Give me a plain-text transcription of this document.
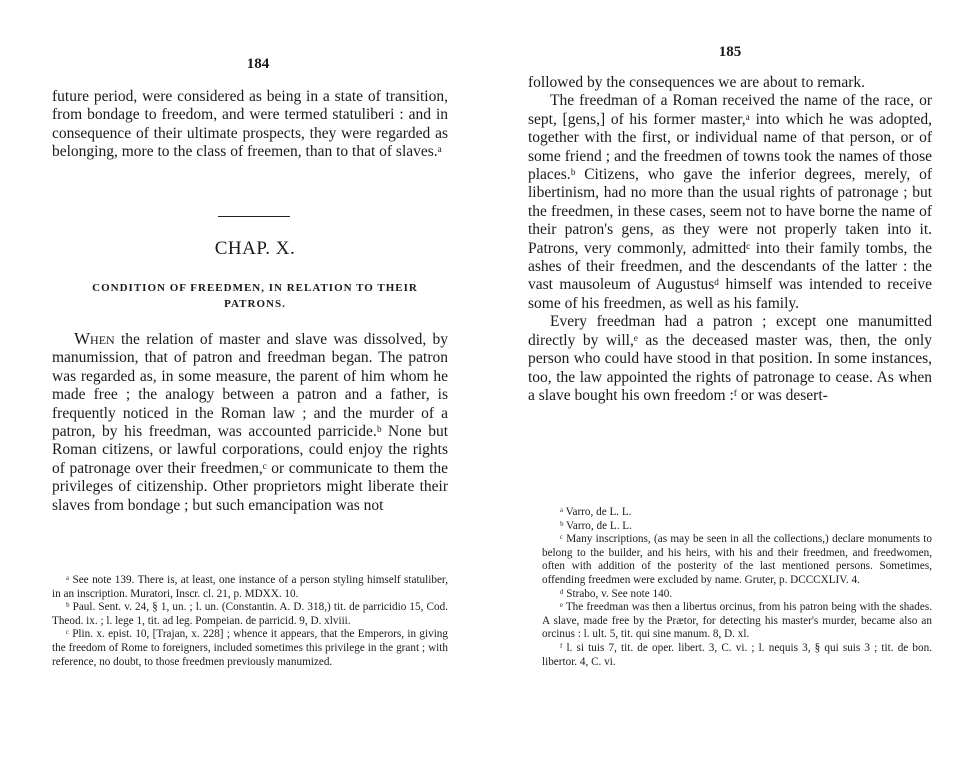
184

future period, were considered as being in a state of transition, from bondage to freedom, and were termed statuliberi : and in consequence of their ultimate prospects, they were regarded as belonging, more to the class of freemen, than to that of slaves.ᵃ

CHAP. X.
CONDITION OF FREEDMEN, IN RELATION TO THEIR PATRONS.

When the relation of master and slave was dissolved, by manumission, that of patron and freedman began. The patron was regarded as, in some measure, the parent of him whom he made free ; the analogy between a patron and a father, is frequently noticed in the Roman law ; and the murder of a patron, by his freedman, was accounted parricide.ᵇ None but Roman citizens, or lawful corporations, could enjoy the rights of patronage over their freedmen,ᶜ or communicate to them the privileges of citizenship. Other proprietors might liberate their slaves from bondage ; but such emancipation was not

ᵃ See note 139. There is, at least, one instance of a person styling himself statuliber, in an inscription. Muratori, Inscr. cl. 21, p. MDXX. 10.

ᵇ Paul. Sent. v. 24, § 1, un. ; l. un. (Constantin. A. D. 318,) tit. de parricidio 15, Cod. Theod. ix. ; l. lege 1, tit. ad leg. Pompeian. de parricid. 9, D. xlviii.

ᶜ Plin. x. epist. 10, [Trajan, x. 228] ; whence it appears, that the Emperors, in giving the freedom of Rome to foreigners, included sometimes this privilege in the grant ; with reference, no doubt, to those freedmen previously manumized.

185

followed by the consequences we are about to remark.

The freedman of a Roman received the name of the race, or sept, [gens,] of his former master,ᵃ into which he was adopted, together with the first, or individual name of that person, or of some friend ; and the freedmen of towns took the names of those places.ᵇ Citizens, who gave the inferior degrees, merely, of libertinism, had no more than the usual rights of patronage ; but the freedmen, in these cases, seem not to have borne the name of their patron's gens, as they were not properly taken into it. Patrons, very commonly, admittedᶜ into their family tombs, the ashes of their freedmen, and the descendants of the latter : the vast mausoleum of Augustusᵈ himself was intended to receive some of his freedmen, as well as his family.

Every freedman had a patron ; except one manumitted directly by will,ᵉ as the deceased master was, then, the only person who could have stood in that position. In some instances, too, the law appointed the rights of patronage to cease. As when a slave bought his own freedom :ᶠ or was desert-

ᵃ Varro, de L. L.

ᵇ Varro, de L. L.

ᶜ Many inscriptions, (as may be seen in all the collections,) declare monuments to belong to the builder, and his heirs, with his and their freedmen, and freedwomen, often with addition of the posterity of the last mentioned persons. Sometimes, offending freedmen were excluded by name. Gruter, p. DCCCXLIV. 4.

ᵈ Strabo, v. See note 140.

ᵉ The freedman was then a libertus orcinus, from his patron being with the shades. A slave, made free by the Prætor, for detecting his master's murder, became also an orcinus : l. ult. 5, tit. qui sine manum. 8, D. xl.

ᶠ l. si tuis 7, tit. de oper. libert. 3, C. vi. ; l. nequis 3, § qui suis 3 ; tit. de bon. libertor. 4, C. vi.
